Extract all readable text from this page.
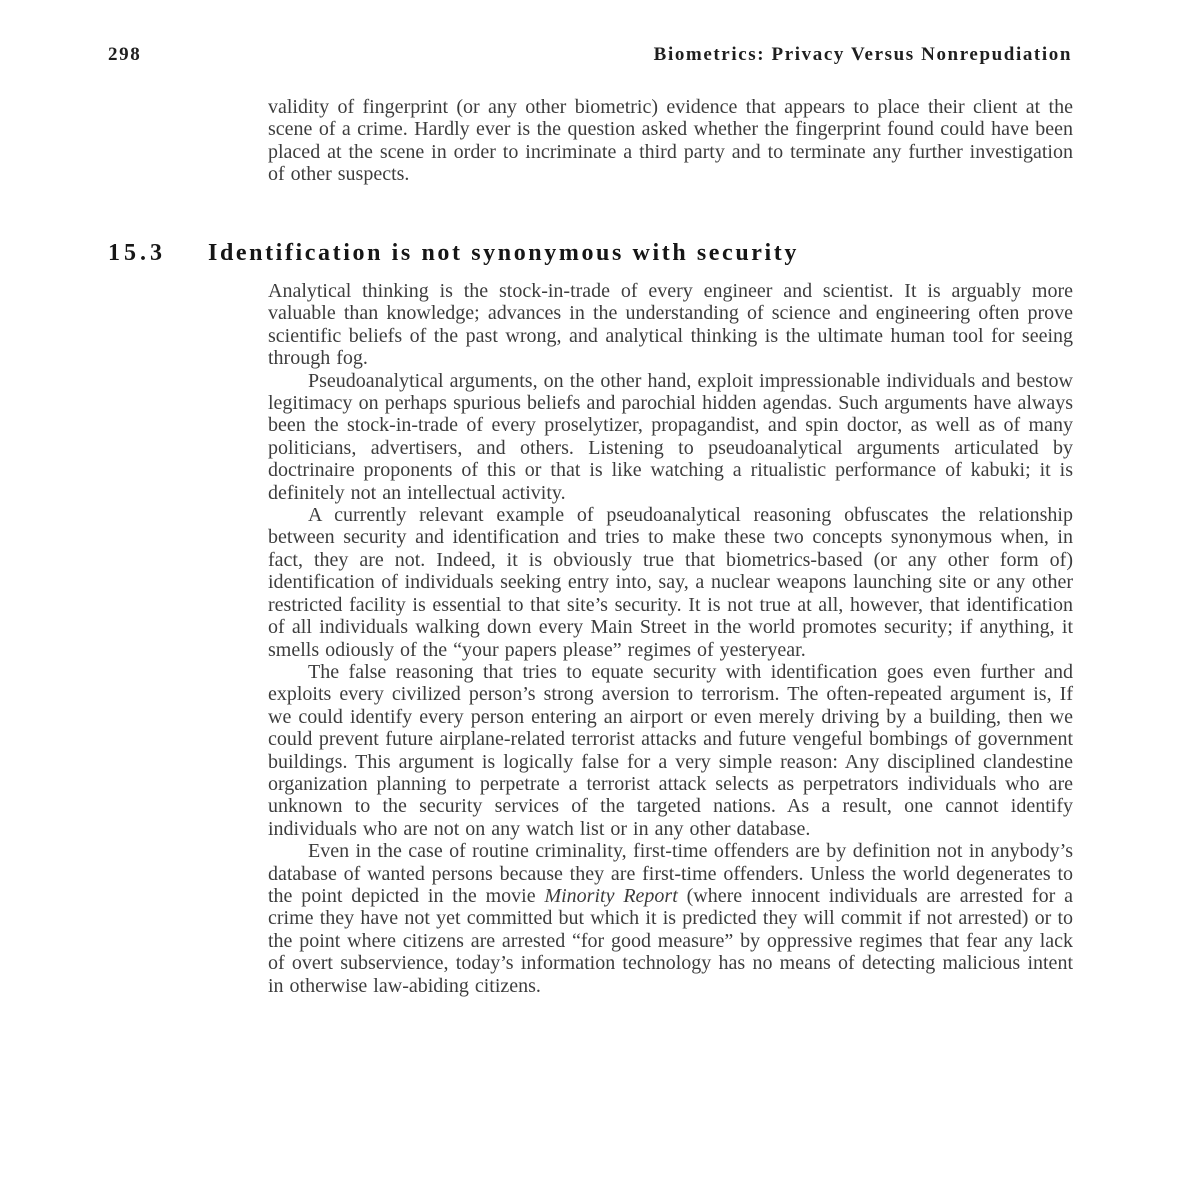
298	Biometrics: Privacy Versus Nonrepudiation
validity of fingerprint (or any other biometric) evidence that appears to place their client at the scene of a crime. Hardly ever is the question asked whether the fingerprint found could have been placed at the scene in order to incriminate a third party and to terminate any further investigation of other suspects.
15.3 Identification is not synonymous with security

Analytical thinking is the stock-in-trade of every engineer and scientist. It is arguably more valuable than knowledge; advances in the understanding of science and engineering often prove scientific beliefs of the past wrong, and analytical thinking is the ultimate human tool for seeing through fog.

Pseudoanalytical arguments, on the other hand, exploit impressionable individuals and bestow legitimacy on perhaps spurious beliefs and parochial hidden agendas. Such arguments have always been the stock-in-trade of every proselytizer, propagandist, and spin doctor, as well as of many politicians, advertisers, and others. Listening to pseudoanalytical arguments articulated by doctrinaire proponents of this or that is like watching a ritualistic performance of kabuki; it is definitely not an intellectual activity.

A currently relevant example of pseudoanalytical reasoning obfuscates the relationship between security and identification and tries to make these two concepts synonymous when, in fact, they are not. Indeed, it is obviously true that biometrics-based (or any other form of) identification of individuals seeking entry into, say, a nuclear weapons launching site or any other restricted facility is essential to that site’s security. It is not true at all, however, that identification of all individuals walking down every Main Street in the world promotes security; if anything, it smells odiously of the “your papers please” regimes of yesteryear.

The false reasoning that tries to equate security with identification goes even further and exploits every civilized person’s strong aversion to terrorism. The often-repeated argument is, If we could identify every person entering an airport or even merely driving by a building, then we could prevent future airplane-related terrorist attacks and future vengeful bombings of government buildings. This argument is logically false for a very simple reason: Any disciplined clandestine organization planning to perpetrate a terrorist attack selects as perpetrators individuals who are unknown to the security services of the targeted nations. As a result, one cannot identify individuals who are not on any watch list or in any other database.

Even in the case of routine criminality, first-time offenders are by definition not in anybody’s database of wanted persons because they are first-time offenders. Unless the world degenerates to the point depicted in the movie Minority Report (where innocent individuals are arrested for a crime they have not yet committed but which it is predicted they will commit if not arrested) or to the point where citizens are arrested “for good measure” by oppressive regimes that fear any lack of overt subservience, today’s information technology has no means of detecting malicious intent in otherwise law-abiding citizens.
